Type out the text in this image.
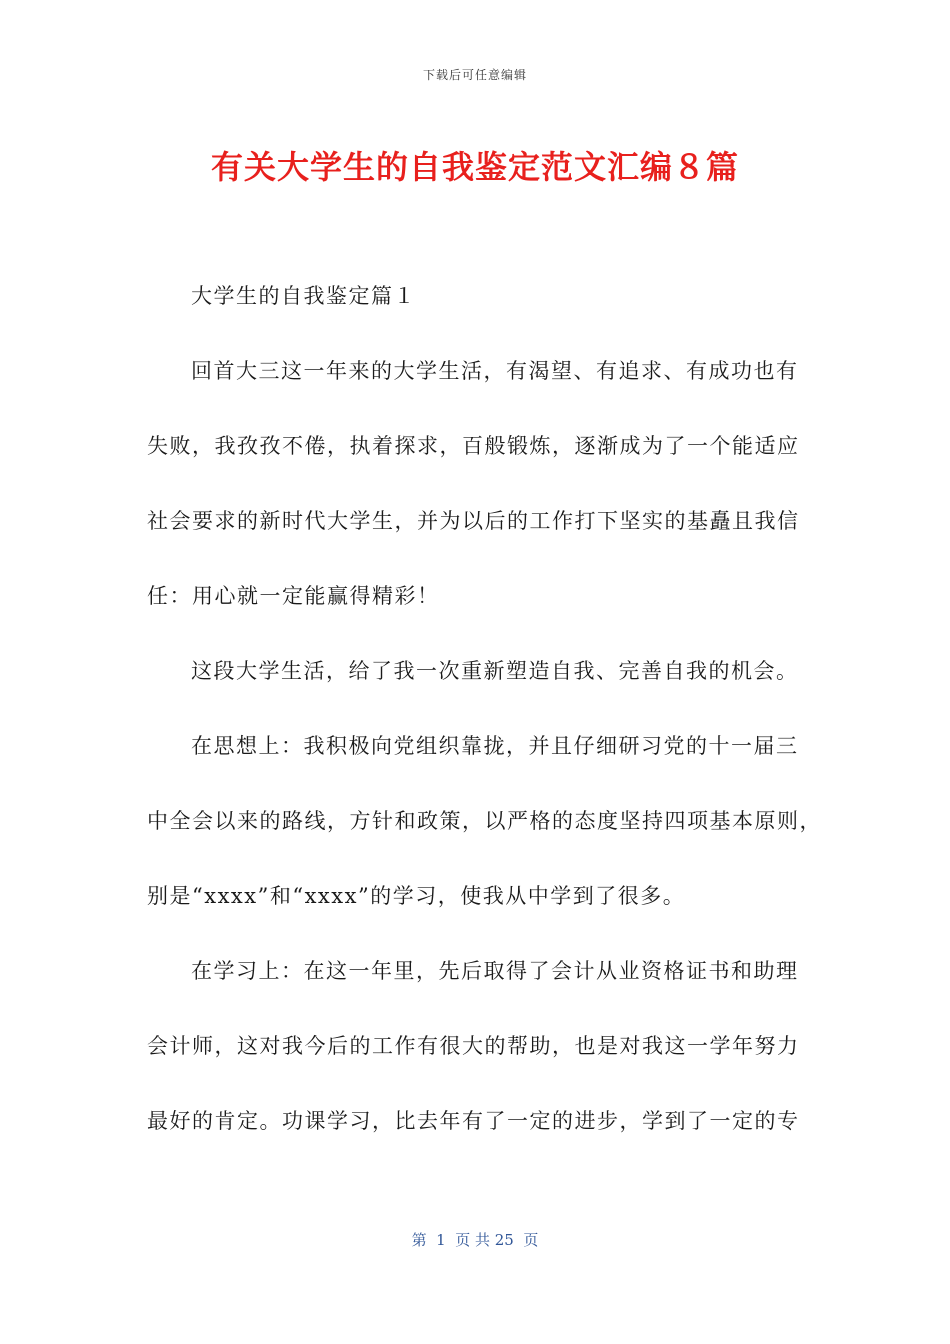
下载后可任意编辑
有关大学生的自我鉴定范文汇编８篇
大学生的自我鉴定篇１
回首大三这一年来的大学生活，有渴望、有追求、有成功也有
失败，我孜孜不倦，执着探求，百般锻炼，逐渐成为了一个能适应
社会要求的新时代大学生，并为以后的工作打下坚实的基矗且我信
任：用心就一定能赢得精彩！
这段大学生活，给了我一次重新塑造自我、完善自我的机会。
在思想上：我积极向党组织靠拢，并且仔细研习党的十一届三
中全会以来的路线，方针和政策，以严格的态度坚持四项基本原则，
别是“xxxx”和“xxxx”的学习，使我从中学到了很多。
在学习上：在这一年里，先后取得了会计从业资格证书和助理
会计师，这对我今后的工作有很大的帮助，也是对我这一学年努力
最好的肯定。功课学习，比去年有了一定的进步，学到了一定的专
第  1  页 共 25  页
